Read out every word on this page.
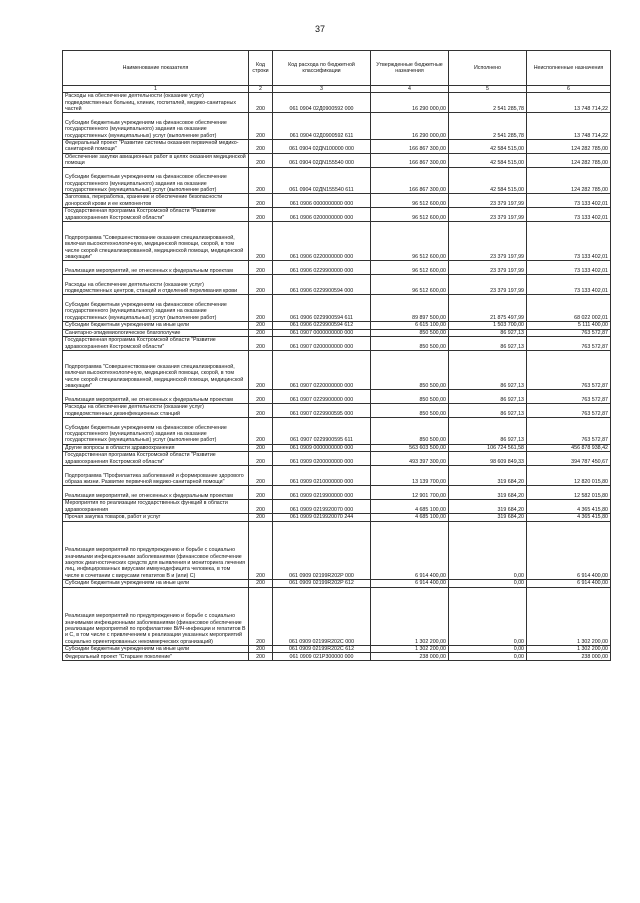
37
Наименование показателя	Код строки	Код расхода по бюджетной классификации	Утвержденные бюджетные назначения	Исполнено	Неисполненные назначения
1	2	3	4	5	6

Расходы на обеспечение деятельности (оказание услуг) подведомственных больниц, клиник, госпиталей, медико-санитарных частей	200	061 0904 02Д0900592 000	16 290 000,00	2 541 285,78	13 748 714,22

Субсидии бюджетным учреждениям на финансовое обеспечение государственного (муниципального) задания на оказание государственных (муниципальных) услуг (выполнение работ)	200	061 0904 02Д0900592 611	16 290 000,00	2 541 285,78	13 748 714,22

Федеральный проект "Развитие системы оказания первичной медико-санитарной помощи"	200	061 0904 02ДN100000 000	166 867 300,00	42 584 515,00	124 282 785,00

Обеспечение закупки авиационных работ в целях оказания медицинской помощи	200	061 0904 02ДN155540 000	166 867 300,00	42 584 515,00	124 282 785,00

Субсидии бюджетным учреждениям на финансовое обеспечение государственного (муниципального) задания на оказание государственных (муниципальных) услуг (выполнение работ)	200	061 0904 02ДN155540 611	166 867 300,00	42 584 515,00	124 282 785,00

Заготовка, переработка, хранение и обеспечение безопасности донорской крови и ее компонентов	200	061 0906 0000000000 000	96 512 600,00	23 379 197,99	73 133 402,01

Государственная программа Костромской области "Развитие здравоохранения Костромской области"	200	061 0906 0200000000 000	96 512 600,00	23 379 197,99	73 133 402,01

Подпрограмма "Совершенствование оказания специализированной, включая высокотехнологичную, медицинской помощи, скорой, в том числе скорой специализированной, медицинской помощи, медицинской эвакуации"	200	061 0906 0220000000 000	96 512 600,00	23 379 197,99	73 133 402,01

Реализация мероприятий, не отнесенных к федеральным проектам	200	061 0906 0229900000 000	96 512 600,00	23 379 197,99	73 133 402,01

Расходы на обеспечение деятельности (оказание услуг) подведомственных центров, станций и отделений переливания крови	200	061 0906 0229900594 000	96 512 600,00	23 379 197,99	73 133 402,01

Субсидии бюджетным учреждениям на финансовое обеспечение государственного (муниципального) задания на оказание государственных (муниципальных) услуг (выполнение работ)	200	061 0906 0229900594 611	89 897 500,00	21 875 497,99	68 022 002,01

Субсидии бюджетным учреждениям на иные цели	200	061 0906 0229900594 612	6 615 100,00	1 503 700,00	5 111 400,00

Санитарно-эпидемиологическое благополучие	200	061 0907 0000000000 000	850 500,00	86 927,13	763 572,87

Государственная программа Костромской области "Развитие здравоохранения Костромской области"	200	061 0907 0200000000 000	850 500,00	86 927,13	763 572,87

Подпрограмма "Совершенствование оказания специализированной, включая высокотехнологичную, медицинской помощи, скорой, в том числе скорой специализированной, медицинской помощи, медицинской эвакуации"	200	061 0907 0220000000 000	850 500,00	86 927,13	763 572,87

Реализация мероприятий, не отнесенных к федеральным проектам	200	061 0907 0229900000 000	850 500,00	86 927,13	763 572,87

Расходы на обеспечение деятельности (оказание услуг) подведомственных дезинфекционных станций	200	061 0907 0229900595 000	850 500,00	86 927,13	763 572,87

Субсидии бюджетным учреждениям на финансовое обеспечение государственного (муниципального) задания на оказание государственных (муниципальных) услуг (выполнение работ)	200	061 0907 0229900595 611	850 500,00	86 927,13	763 572,87

Другие вопросы в области здравоохранения	200	061 0909 0000000000 000	563 603 500,00	106 724 561,58	456 878 938,42

Государственная программа Костромской области "Развитие здравоохранения Костромской области"	200	061 0909 0200000000 000	493 397 300,00	98 609 849,33	394 787 450,67

Подпрограмма "Профилактика заболеваний и формирование здорового образа жизни. Развитие первичной медико-санитарной помощи"	200	061 0909 0210000000 000	13 139 700,00	319 684,20	12 820 015,80

Реализация мероприятий, не отнесенных к федеральным проектам	200	061 0909 0219900000 000	12 901 700,00	319 684,20	12 582 015,80

Мероприятия по реализации государственных функций в области здравоохранения	200	061 0909 0219920070 000	4 685 100,00	319 684,20	4 365 415,80

Прочая закупка товаров, работ и услуг	200	061 0909 0219920070 244	4 685 100,00	319 684,20	4 365 415,80

Реализация мероприятий по предупреждению и борьбе с социально значимыми инфекционными заболеваниями (финансовое обеспечение закупок диагностических средств для выявления и мониторинга лечения лиц, инфицированных вирусами иммунодефицита человека, в том числе в сочетании с вирусами гепатитов В и (или) С)	200	061 0909 02199R202P 000	6 914 400,00	0,00	6 914 400,00

Субсидии бюджетным учреждениям на иные цели	200	061 0909 02199R202P 612	6 914 400,00	0,00	6 914 400,00

Реализация мероприятий по предупреждению и борьбе с социально значимыми инфекционными заболеваниями (финансовое обеспечение реализации мероприятий по профилактике ВИЧ-инфекции и гепатитов В и С, в том числе с привлечением к реализации указанных мероприятий социально ориентированных некоммерческих организаций)	200	061 0909 02199R202C 000	1 302 200,00	0,00	1 302 200,00

Субсидии бюджетным учреждениям на иные цели	200	061 0909 02199R202C 612	1 302 200,00	0,00	1 302 200,00

Федеральный проект "Старшее поколение"	200	061 0909 021P300000 000	238 000,00	0,00	238 000,00
